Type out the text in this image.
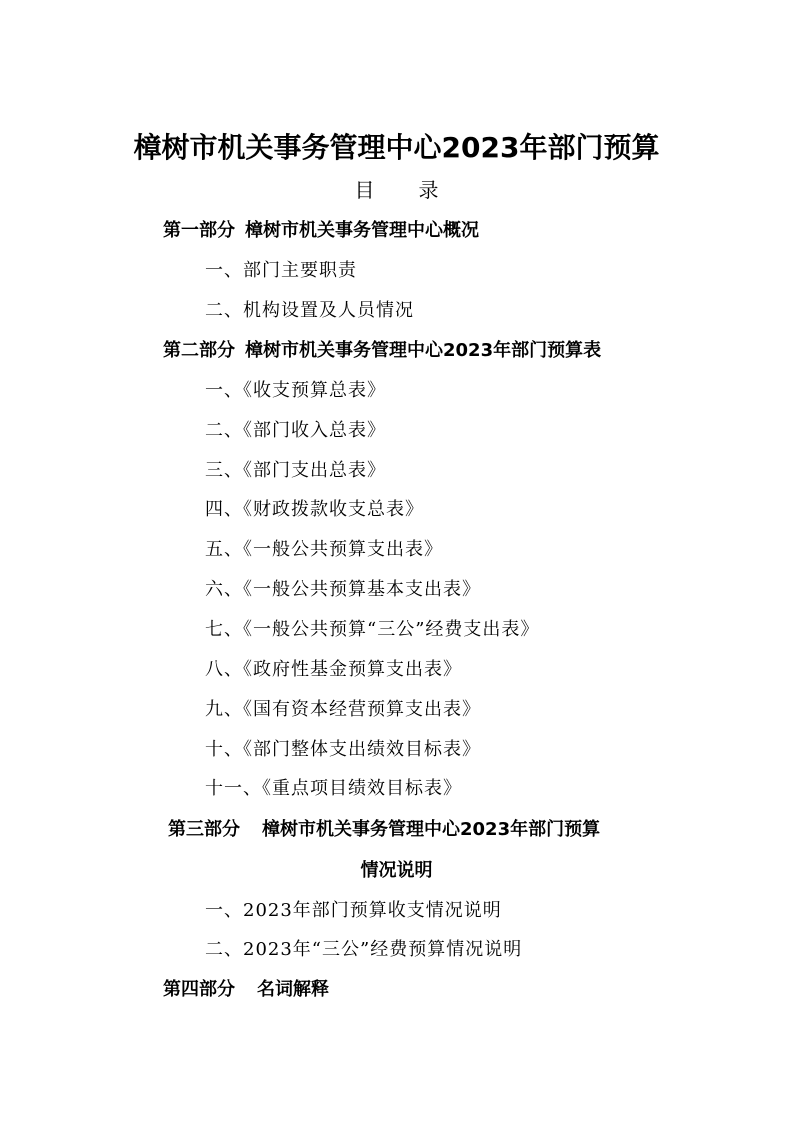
樟树市机关事务管理中心2023年部门预算
目 录
第一部分 樟树市机关事务管理中心概况
一、部门主要职责
二、机构设置及人员情况
第二部分 樟树市机关事务管理中心2023年部门预算表
一、《收支预算总表》
二、《部门收入总表》
三、《部门支出总表》
四、《财政拨款收支总表》
五、《一般公共预算支出表》
六、《一般公共预算基本支出表》
七、《一般公共预算“三公”经费支出表》
八、《政府性基金预算支出表》
九、《国有资本经营预算支出表》
十、《部门整体支出绩效目标表》
十一、《重点项目绩效目标表》
第三部分 樟树市机关事务管理中心2023年部门预算
情况说明
一、2023年部门预算收支情况说明
二、2023年“三公”经费预算情况说明
第四部分 名词解释
